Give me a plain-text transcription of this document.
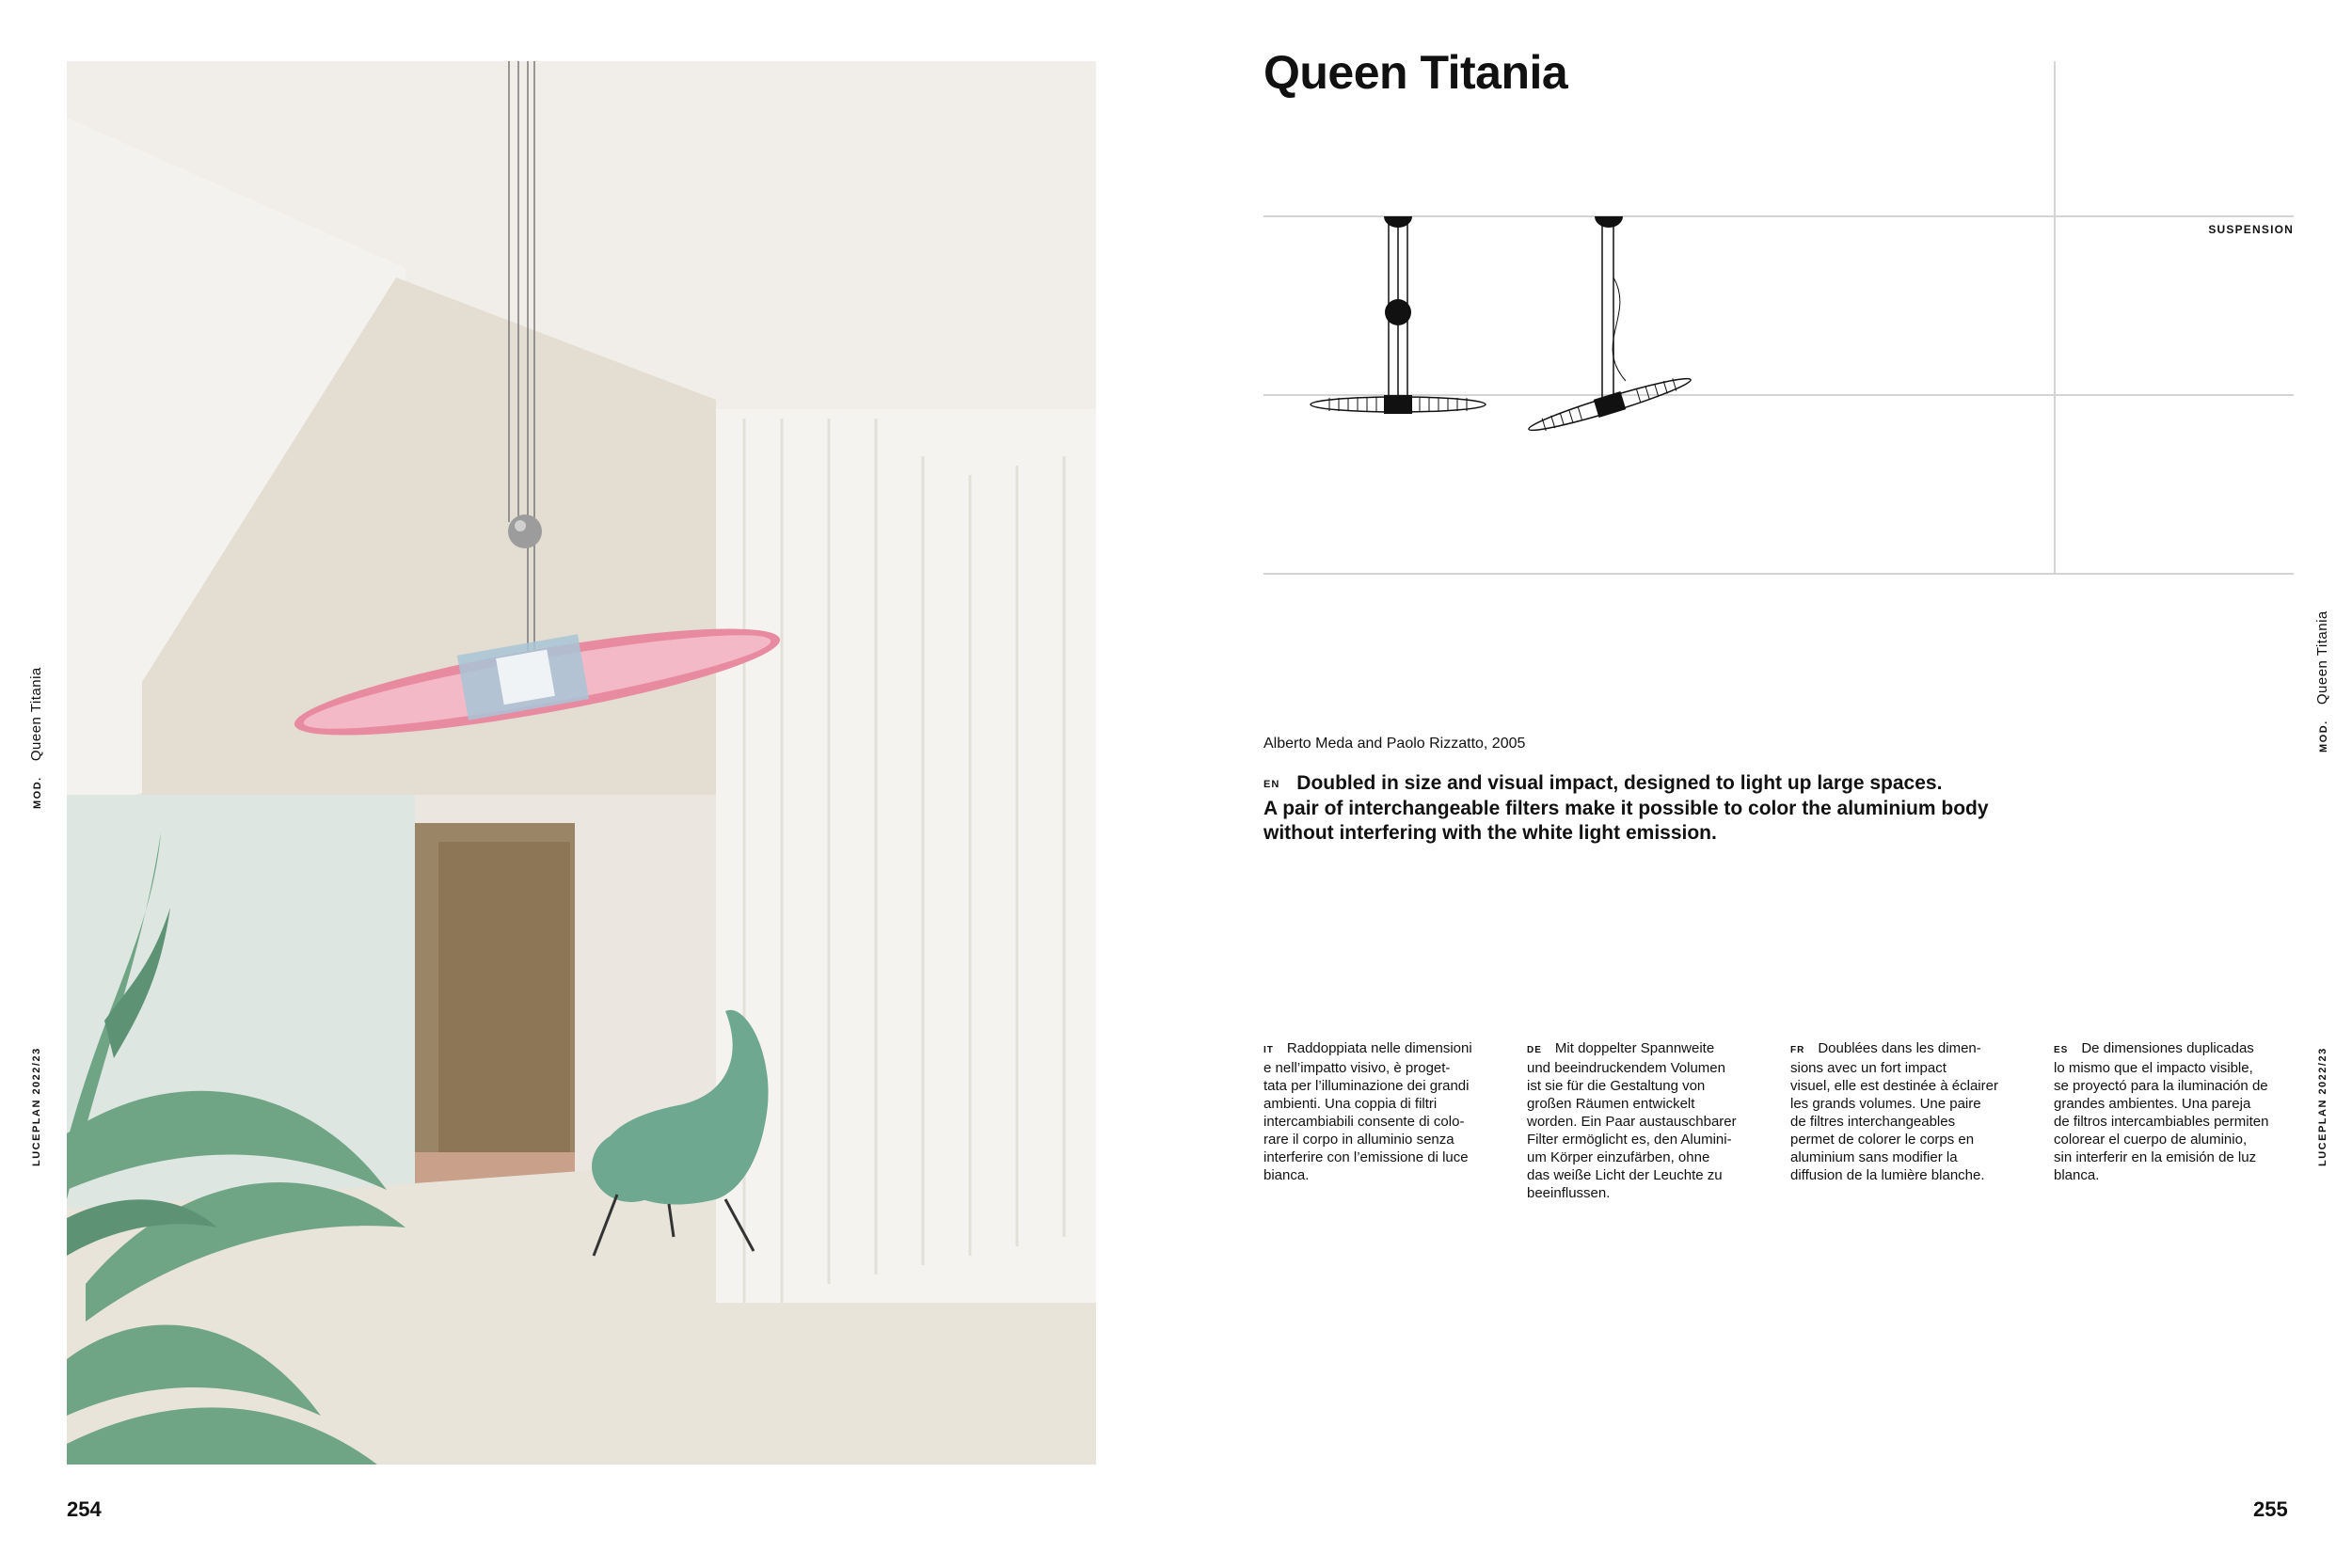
MOD. Queen Titania
LUCEPLAN 2022/23
254
Queen Titania
SUSPENSION
Alberto Meda and Paolo Rizzatto, 2005
EN Doubled in size and visual impact, designed to light up large spaces.
A pair of interchangeable filters make it possible to color the aluminium body
without interfering with the white light emission.
IT Raddoppiata nelle dimensioni
e nell’impatto visivo, è proget-
tata per l’illuminazione dei grandi
ambienti. Una coppia di filtri
intercambiabili consente di colo-
rare il corpo in alluminio senza
interferire con l’emissione di luce
bianca.
DE Mit doppelter Spannweite
und beeindruckendem Volumen
ist sie für die Gestaltung von
großen Räumen entwickelt
worden. Ein Paar austauschbarer
Filter ermöglicht es, den Alumini-
um Körper einzufärben, ohne
das weiße Licht der Leuchte zu
beeinflussen.
FR Doublées dans les dimen-
sions avec un fort impact
visuel, elle est destinée à éclairer
les grands volumes. Une paire
de filtres interchangeables
permet de colorer le corps en
aluminium sans modifier la
diffusion de la lumière blanche.
ES De dimensiones duplicadas
lo mismo que el impacto visible,
se proyectó para la iluminación de
grandes ambientes. Una pareja
de filtros intercambiables permiten
colorear el cuerpo de aluminio,
sin interferir en la emisión de luz
blanca.
MOD. Queen Titania
LUCEPLAN 2022/23
255
